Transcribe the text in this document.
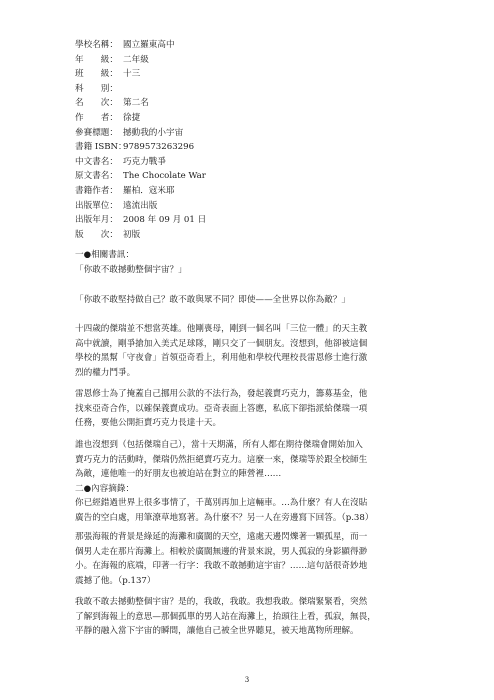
學校名稱： 國立羅東高中
年　　級： 二年級
班　　級： 十三
科　　別：
名　　次： 第二名
作　　者： 徐捷
參賽標題： 撼動我的小宇宙
書籍 ISBN：9789573263296
中文書名： 巧克力戰爭
原文書名： The Chocolate War
書籍作者： 羅柏．寇米耶
出版單位： 遠流出版
出版年月： 2008 年 09 月 01 日
版　　次： 初版
一●相關書訊：
「你敢不敢撼動整個宇宙？」
「你敢不敢堅持做自己？敢不敢與眾不同？即使——全世界以你為敵？」
十四歲的傑瑞並不想當英雄。他剛喪母，剛到一個名叫「三位一體」的天主教
高中就讀，剛爭搶加入美式足球隊，剛只交了一個朋友。沒想到，他卻被這個
學校的黑幫「守夜會」首領亞奇看上，利用他和學校代理校長雷恩修士進行激
烈的權力鬥爭。
雷恩修士為了掩蓋自己挪用公款的不法行為，發起義賣巧克力，籌募基金，他
找來亞奇合作，以確保義賣成功。亞奇表面上答應，私底下卻指派給傑瑞一項
任務，要他公開拒賣巧克力長達十天。
誰也沒想到（包括傑瑞自己），當十天期滿，所有人都在期待傑瑞會開始加入
賣巧克力的活動時，傑瑞仍然拒絕賣巧克力。這麼一來，傑瑞等於跟全校師生
為敵，連他唯一的好朋友也被迫站在對立的陣營裡……
二●內容摘錄：
你已經錯過世界上很多事情了，千萬別再加上這輛車。…為什麼？有人在沒貼
廣告的空白處，用筆潦草地寫著。為什麼不？另一人在旁邊寫下回答。（p.38）
那張海報的背景是綠延的海灘和廣闊的天空，遠處天邊閃爍著一顆孤星，而一
個男人走在那片海灘上。相較於廣闊無邊的背景來說，男人孤寂的身影顯得渺
小。在海報的底端，印著一行字：我敢不敢撼動這宇宙？……這句話很奇妙地
震撼了他。（p.137）
我敢不敢去撼動整個宇宙？是的，我敢，我敢。我想我敢。傑瑞緊緊看，突然
了解到海報上的意思—那個孤單的男人站在海灘上，抬頭往上看，孤寂，無畏，
平靜的融入當下宇宙的瞬間，讓他自己被全世界聽見，被天地萬物所理解。
3
